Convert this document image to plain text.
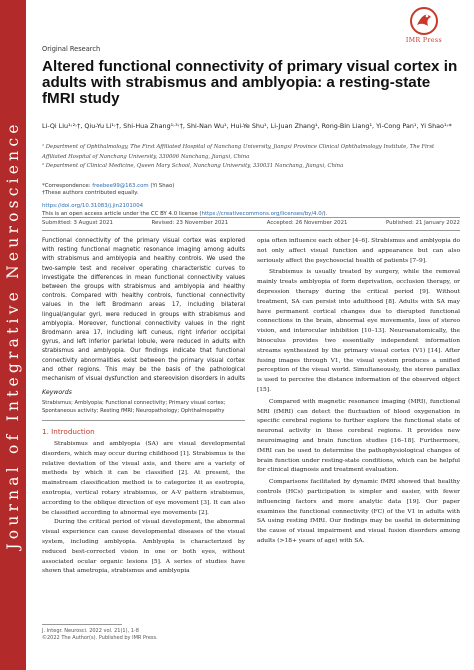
Journal of Integrative Neuroscience
IMR Press
Original Research
Altered functional connectivity of primary visual cortex in adults with strabismus and amblyopia: a resting-state fMRI study
Li-Qi Liu¹˒²˒†, Qiu-Yu Li¹˒†, Shi-Hua Zhang¹˒³˒†, Shi-Nan Wu¹, Hui-Ye Shu¹, Li-Juan Zhang¹, Rong-Bin Liang¹, Yi-Cong Pan¹, Yi Shao¹˒*
¹ Department of Ophthalmology, The First Affiliated Hospital of Nanchang University, Jiangxi Province Clinical Ophthalmology Institute, The First
Affiliated Hospital of Nanchang University, 330006 Nanchang, Jiangxi, China
² Department of Clinical Medicine, Queen Mary School, Nanchang University, 330031 Nanchang, Jiangxi, China
*Correspondence: freebee99@163.com (Yi Shao)
†These authors contributed equally.
https://doi.org/10.31083/j.jin2101004
This is an open access article under the CC BY 4.0 license (https://creativecommons.org/licenses/by/4.0/).
Submitted: 3 August 2021	Revised: 23 November 2021	Accepted: 26 November 2021	Published: 21 January 2022
Functional connectivity of the primary visual cortex was explored with resting functional magnetic resonance imaging among adults with strabismus and amblyopia and healthy controls. We used the two-sample test and receiver operating characteristic curves to investigate the differences in mean functional connectivity values between the groups with strabismus and amblyopia and healthy controls. Compared with healthy controls, functional connectivity values in the left Brodmann areas 17, including bilateral lingual/angular gyri, were reduced in groups with strabismus and amblyopia. Moreover, functional connectivity values in the right Brodmann area 17, including left cuneus, right inferior occipital gyrus, and left inferior parietal lobule, were reduced in adults with strabismus and amblyopia. Our findings indicate that functional connectivity abnormalities exist between the primary visual cortex and other regions. This may be the basis of the pathological mechanism of visual dysfunction and stereovision disorders in adults
Keywords
Strabismus; Amblyopia; Functional connectivity; Primary visual cortex; Spontaneous activity; Resting fMRI; Neuropathology; Ophthalmopathy
1. Introduction

Strabismus and amblyopia (SA) are visual developmental disorders, which may occur during childhood [1]. Strabismus is the relative deviation of the visual axis, and there are a variety of methods by which it can be classified [2]. At present, the mainstream classification method is to categorize it as esotropia, exotropia, vertical rotary strabismus, or A-V pattern strabismus, according to the oblique direction of eye movement [3]. It can also be classified according to abnormal eye movements [2].

During the critical period of visual development, the abnormal visual experience can cause developmental diseases of the visual system, including amblyopia. Amblyopia is characterized by reduced best-corrected vision in one or both eyes, without associated ocular organic lesions [5]. A series of studies have shown that ametropia, strabismus and amblyopia

opia often influence each other [4–6]. Strabismus and amblyopia do not only affect visual function and appearance but can also seriously affect the psychosocial health of patients [7–9].

Strabismus is usually treated by surgery, while the removal mainly treats amblyopia of form deprivation, occlusion therapy, or depression therapy during the critical period [9]. Without treatment, SA can persist into adulthood [8]. Adults with SA may have permanent cortical changes due to disrupted functional connections in the brain, abnormal eye movements, loss of stereo vision, and interocular inhibition [10–13]. Neuroanatomically, the binoculus provides two essentially independent information streams synthesized by the primary visual cortex (V1) [14]. After fusing images through V1, the visual system produces a unified perception of the visual world. Simultaneously, the stereo parallax is used to perceive the distance information of the observed object [15].

Compared with magnetic resonance imaging (MRI), functional MRI (fMRI) can detect the fluctuation of blood oxygenation in specific cerebral regions to further explore the functional state of neuronal activity in these cerebral regions. It provides new neuroimaging and brain function studies [16–18]. Furthermore, fMRI can be used to determine the pathophysiological changes of brain function under resting-state conditions, which can be helpful for clinical diagnosis and treatment evaluation.

Comparisons facilitated by dynamic fMRI showed that healthy controls (HCs) participation is simpler and easier, with fewer influencing factors and more analytic data [19]. Our paper examines the functional connectivity (FC) of the V1 in adults with SA using resting fMRI. Our findings may be useful in determining the cause of visual impairment and visual fusion disorders among adults (>18+ years of age) with SA.

J. Integr. Neurosci. 2022 vol. 21(1), 1-8
©2022 The Author(s). Published by IMR Press.
